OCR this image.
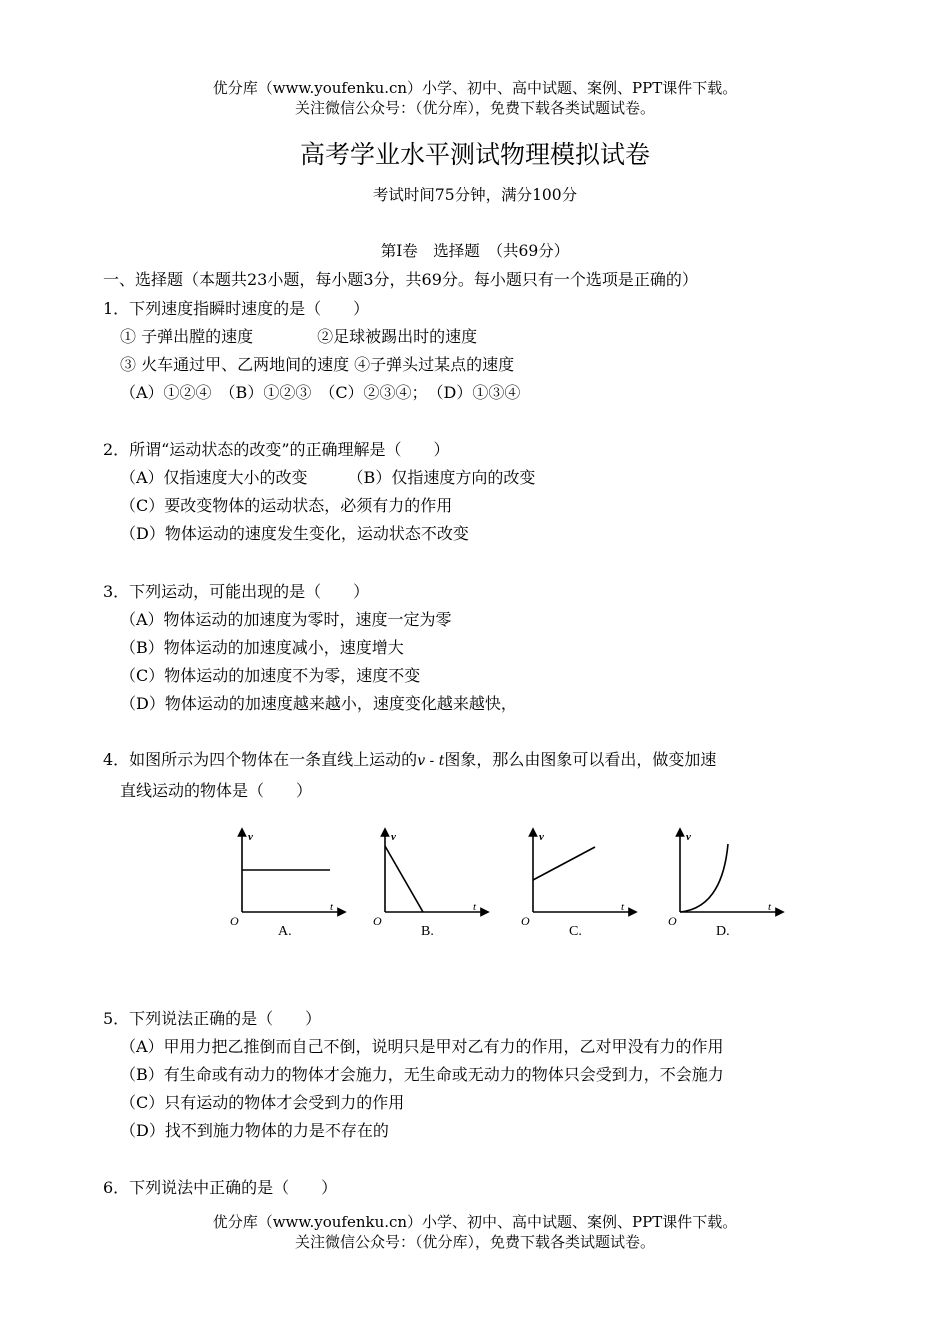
优分库（www.youfenku.cn）小学、初中、高中试题、案例、PPT课件下载。
关注微信公众号：（优分库），免费下载各类试题试卷。
高考学业水平测试物理模拟试卷
考试时间75分钟，满分100分
第Ⅰ卷　选择题　（共69分）
一、选择题（本题共23小题，每小题3分，共69分。每小题只有一个选项是正确的）
1．下列速度指瞬时速度的是（　　）
① 子弹出膛的速度　　　　②足球被踢出时的速度
③ 火车通过甲、乙两地间的速度 ④子弹头过某点的速度
（A）①②④　（B）①②③　（C）②③④；　（D）①③④
2．所谓“运动状态的改变”的正确理解是（　　）
（A）仅指速度大小的改变　　　（B）仅指速度方向的改变
（C）要改变物体的运动状态，必须有力的作用
（D）物体运动的速度发生变化，运动状态不改变
3．下列运动，可能出现的是（　　）
（A）物体运动的加速度为零时，速度一定为零
（B）物体运动的加速度减小，速度增大
（C）物体运动的加速度不为零，速度不变
（D）物体运动的加速度越来越小，速度变化越来越快，
4．如图所示为四个物体在一条直线上运动的v - t图象，那么由图象可以看出，做变加速
直线运动的物体是（　　）
v
t
O
A.
v
t
O
B.
v
t
O
C.
v
t
O
D.
5．下列说法正确的是（　　）
（A）甲用力把乙推倒而自己不倒，说明只是甲对乙有力的作用，乙对甲没有力的作用
（B）有生命或有动力的物体才会施力，无生命或无动力的物体只会受到力，不会施力
（C）只有运动的物体才会受到力的作用
（D）找不到施力物体的力是不存在的
6．下列说法中正确的是（　　）
优分库（www.youfenku.cn）小学、初中、高中试题、案例、PPT课件下载。
关注微信公众号：（优分库），免费下载各类试题试卷。
